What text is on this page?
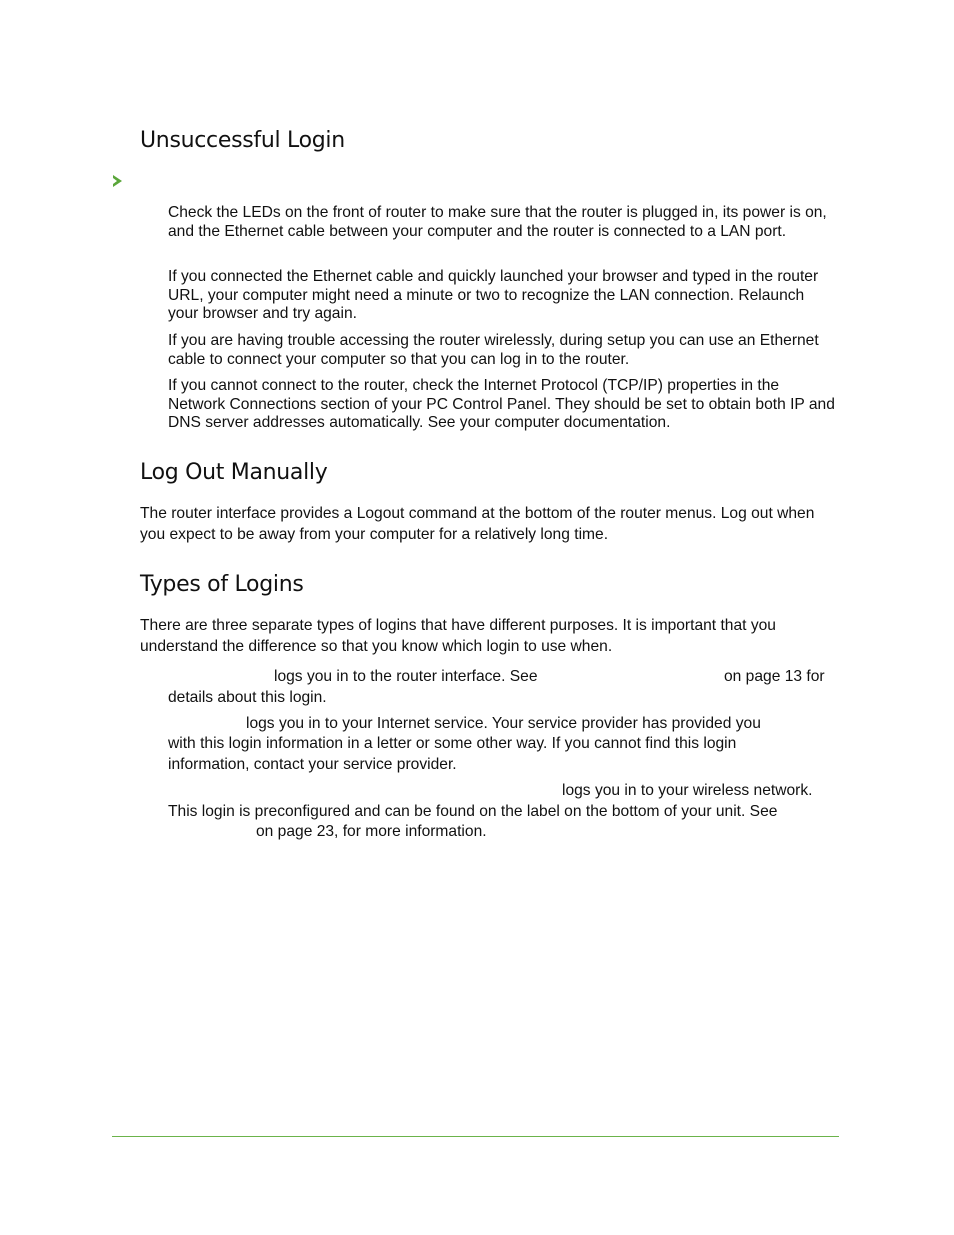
Unsuccessful Login

Check the LEDs on the front of router to make sure that the router is plugged in, its power is on, and the Ethernet cable between your computer and the router is connected to a LAN port.

If you connected the Ethernet cable and quickly launched your browser and typed in the router URL, your computer might need a minute or two to recognize the LAN connection. Relaunch your browser and try again.

If you are having trouble accessing the router wirelessly, during setup you can use an Ethernet cable to connect your computer so that you can log in to the router.

If you cannot connect to the router, check the Internet Protocol (TCP/IP) properties in the Network Connections section of your PC Control Panel. They should be set to obtain both IP and DNS server addresses automatically. See your computer documentation.

Log Out Manually

The router interface provides a Logout command at the bottom of the router menus. Log out when you expect to be away from your computer for a relatively long time.

Types of Logins

There are three separate types of logins that have different purposes. It is important that you understand the difference so that you know which login to use when.

logs you in to the router interface. See	on page 13 for
details about this login.
logs you in to your Internet service. Your service provider has provided you
with this login information in a letter or some other way. If you cannot find this login
information, contact your service provider.
logs you in to your wireless network.
This login is preconfigured and can be found on the label on the bottom of your unit. See
on page 23, for more information.
